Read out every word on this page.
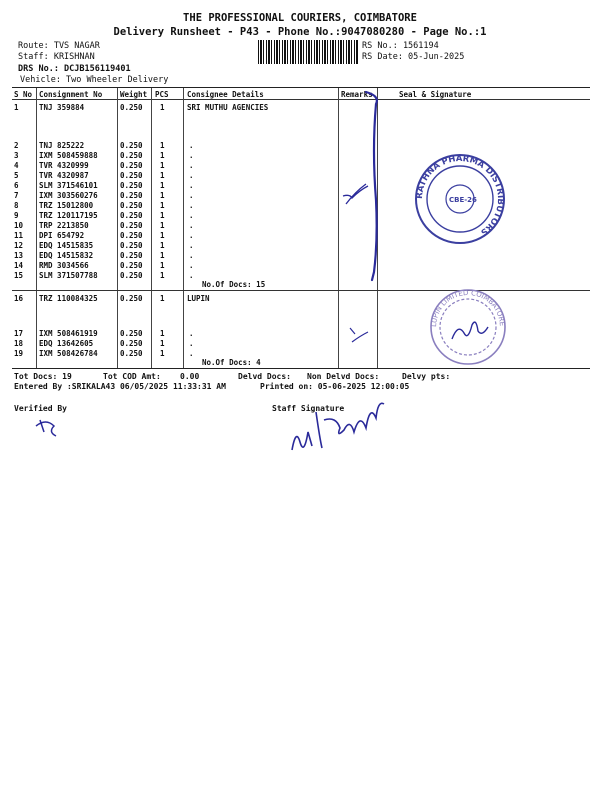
THE PROFESSIONAL COURIERS, COIMBATORE
Delivery Runsheet - P43 - Phone No.:9047080280 - Page No.:1
Route: TVS NAGAR
Staff: KRISHNAN
DRS No.: DCJB156119401
Vehicle: Two Wheeler Delivery
RS No.: 1561194
RS Date: 05-Jun-2025
S No Consignment No Weight PCS Consignee Details	Remarks	Seal & Signature
1	TNJ 359884	0.250 1	SRI MUTHU AGENCIES
2	TNJ 825222	0.250 1	.
3	IXM 508459888	0.250 1	.
4	TVR 4320999	0.250 1	.
5	TVR 4320987	0.250 1	.
6	SLM 371546101	0.250 1	.
7	IXM 303560276	0.250 1	.
8	TRZ 15012800	0.250 1	.
9	TRZ 120117195	0.250 1	.
10 TRP 2213850	0.250 1	.
11 DPI 654792	0.250 1	.
12 EDQ 14515835	0.250 1	.
13 EDQ 14515832	0.250 1	.
14 RMD 3034566	0.250 1	.
15 SLM 371507788	0.250 1	.
No.Of Docs: 15
16 TRZ 110084325	0.250 1	LUPIN
17 IXM 508461919	0.250 1	.
18 EDQ 13642605	0.250 1	.
19 IXM 508426784	0.250 1	.
No.Of Docs: 4
Tot Docs: 19	Tot COD Amt: 0.00	Delvd Docs: Non Delvd Docs:	Delvy pts:
Entered By :SRIKALA43 06/05/2025 11:33:31 AM	Printed on: 05-06-2025 12:00:05
Verified By	Staff Signature
RATHNA PHARMA DISTRIBUTORS
CBE-26
LUPIN LIMITED COIMBATORE
